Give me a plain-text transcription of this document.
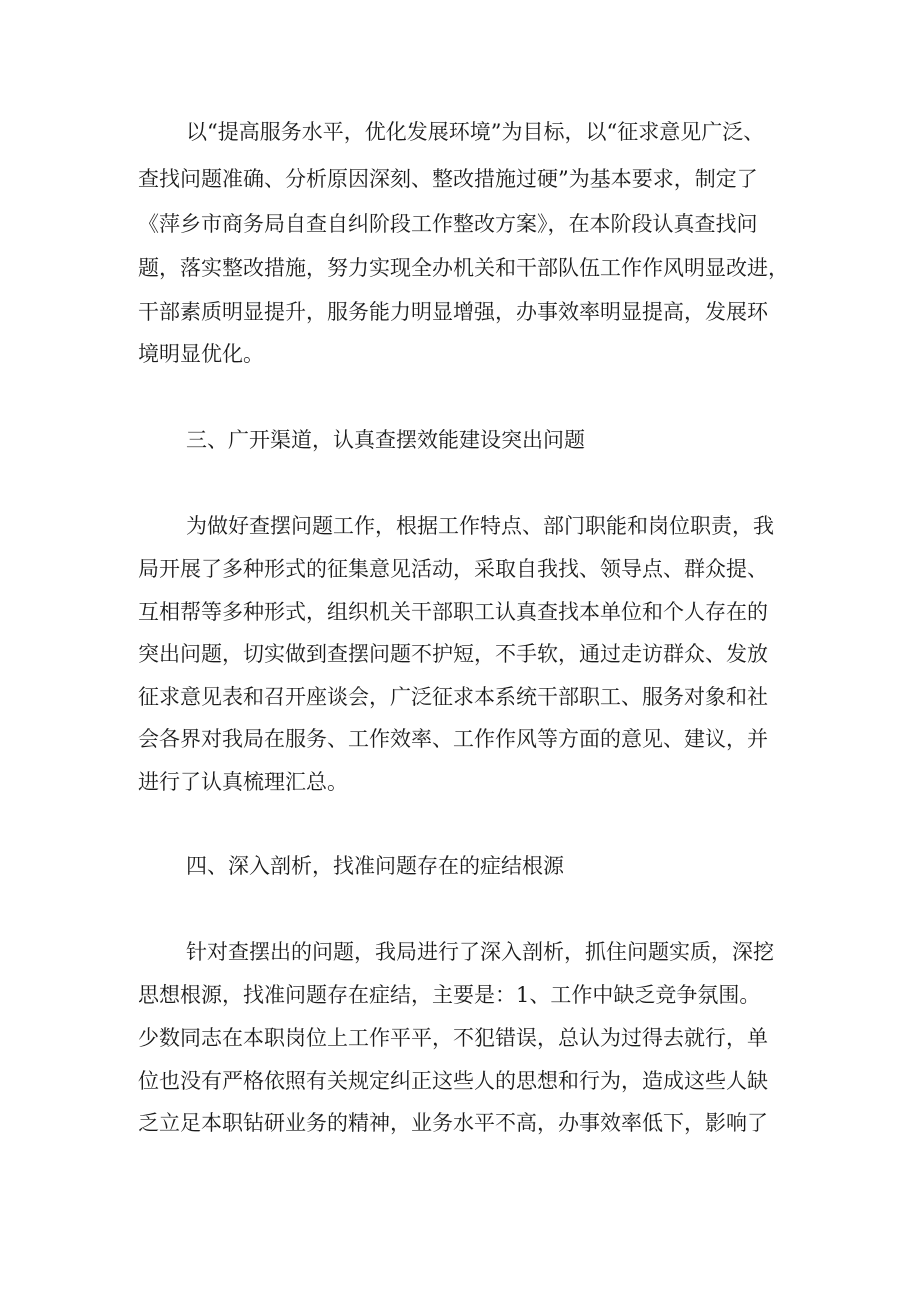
以“提高服务水平，优化发展环境”为目标，以“征求意见广泛、
查找问题准确、分析原因深刻、整改措施过硬”为基本要求，制定了
《萍乡市商务局自查自纠阶段工作整改方案》，在本阶段认真查找问
题，落实整改措施，努力实现全办机关和干部队伍工作作风明显改进，
干部素质明显提升，服务能力明显增强，办事效率明显提高，发展环
境明显优化。
三、广开渠道，认真查摆效能建设突出问题
为做好查摆问题工作，根据工作特点、部门职能和岗位职责，我
局开展了多种形式的征集意见活动，采取自我找、领导点、群众提、
互相帮等多种形式，组织机关干部职工认真查找本单位和个人存在的
突出问题，切实做到查摆问题不护短，不手软，通过走访群众、发放
征求意见表和召开座谈会，广泛征求本系统干部职工、服务对象和社
会各界对我局在服务、工作效率、工作作风等方面的意见、建议，并
进行了认真梳理汇总。
四、深入剖析，找准问题存在的症结根源
针对查摆出的问题，我局进行了深入剖析，抓住问题实质，深挖
思想根源，找准问题存在症结，主要是：1、工作中缺乏竞争氛围。
少数同志在本职岗位上工作平平，不犯错误，总认为过得去就行，单
位也没有严格依照有关规定纠正这些人的思想和行为，造成这些人缺
乏立足本职钻研业务的精神，业务水平不高，办事效率低下，影响了
